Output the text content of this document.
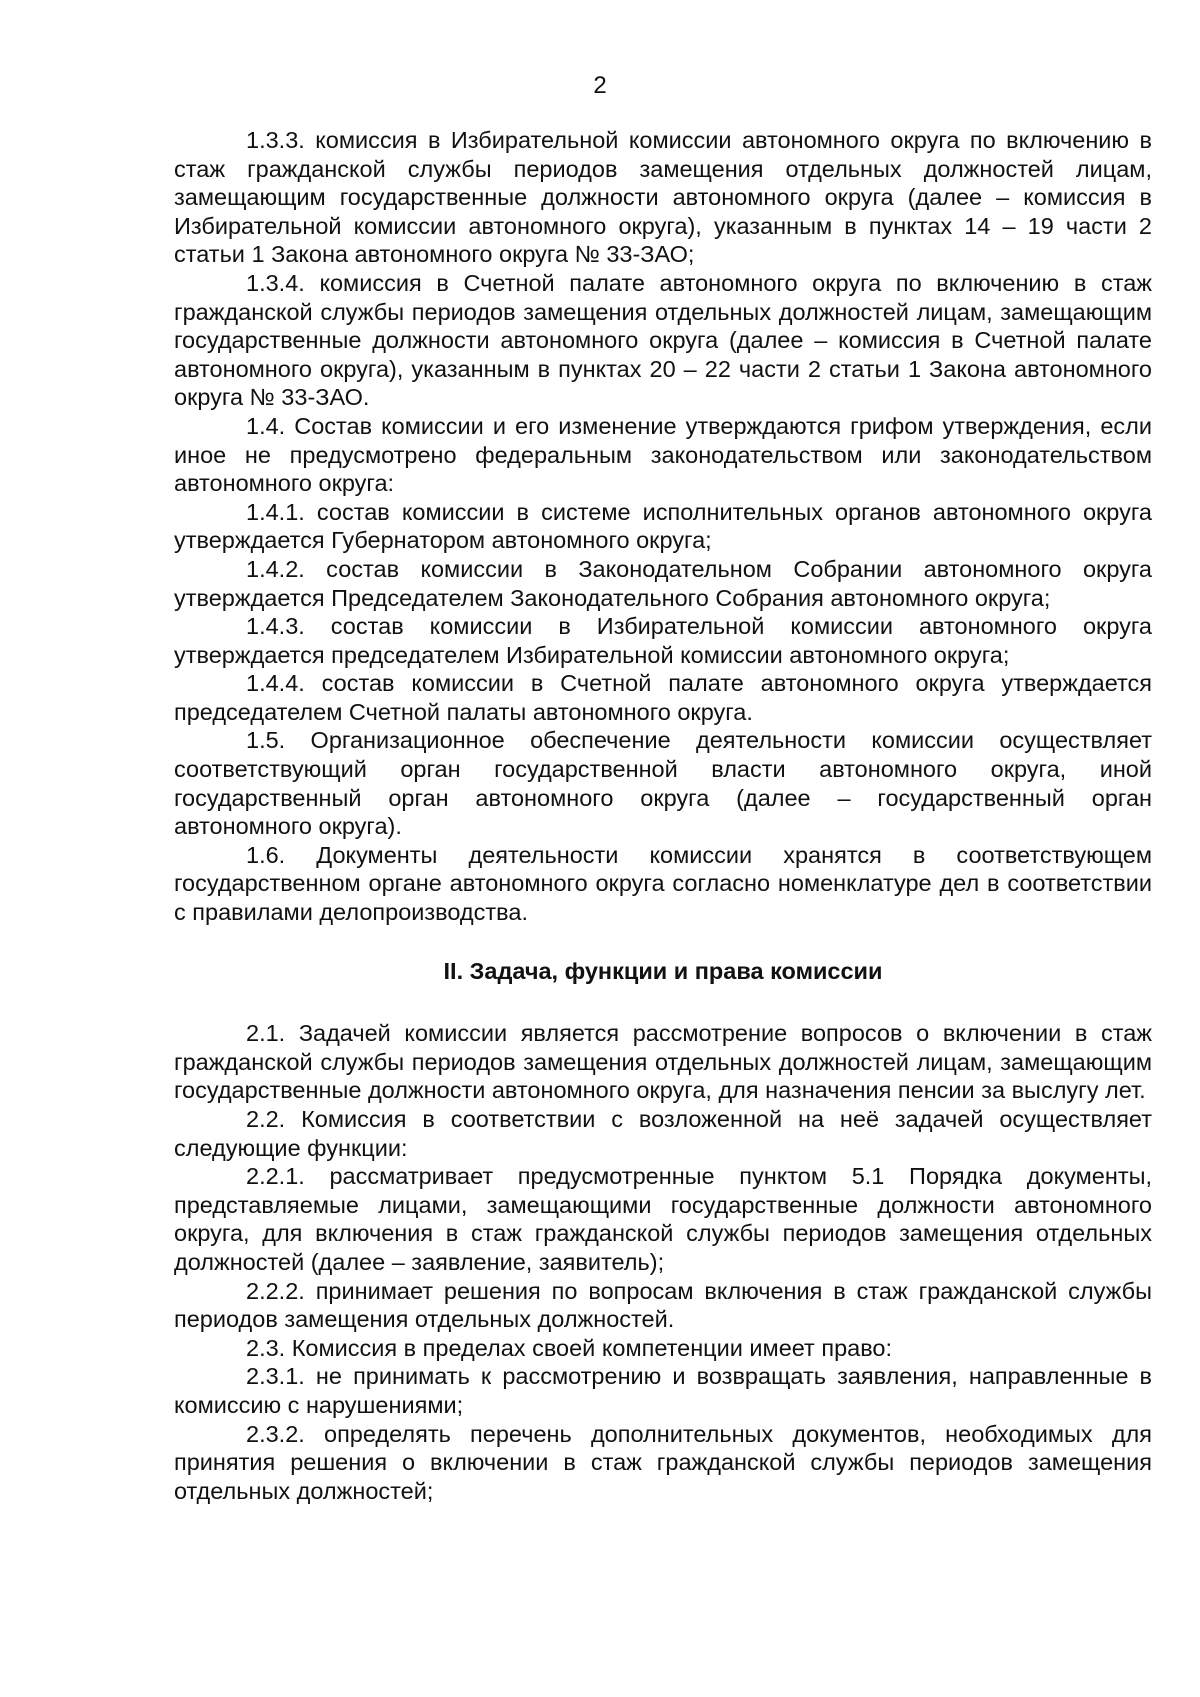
2

1.3.3. комиссия в Избирательной комиссии автономного округа по включению в стаж гражданской службы периодов замещения отдельных должностей лицам, замещающим государственные должности автономного округа (далее – комиссия в Избирательной комиссии автономного округа), указанным в пунктах 14 – 19 части 2 статьи 1 Закона автономного округа № 33-ЗАО;

1.3.4. комиссия в Счетной палате автономного округа по включению в стаж гражданской службы периодов замещения отдельных должностей лицам, замещающим государственные должности автономного округа (далее – комиссия в Счетной палате автономного округа), указанным в пунктах 20 – 22 части 2 статьи 1 Закона автономного округа № 33-ЗАО.

1.4. Состав комиссии и его изменение утверждаются грифом утверждения, если иное не предусмотрено федеральным законодательством или законодательством автономного округа:

1.4.1. состав комиссии в системе исполнительных органов автономного округа утверждается Губернатором автономного округа;

1.4.2. состав комиссии в Законодательном Собрании автономного округа утверждается Председателем Законодательного Собрания автономного округа;

1.4.3. состав комиссии в Избирательной комиссии автономного округа утверждается председателем Избирательной комиссии автономного округа;

1.4.4. состав комиссии в Счетной палате автономного округа утверждается председателем Счетной палаты автономного округа.

1.5. Организационное обеспечение деятельности комиссии осуществляет соответствующий орган государственной власти автономного округа, иной государственный орган автономного округа (далее – государственный орган автономного округа).

1.6. Документы деятельности комиссии хранятся в соответствующем государственном органе автономного округа согласно номенклатуре дел в соответствии с правилами делопроизводства.

II. Задача, функции и права комиссии

2.1. Задачей комиссии является рассмотрение вопросов о включении в стаж гражданской службы периодов замещения отдельных должностей лицам, замещающим государственные должности автономного округа, для назначения пенсии за выслугу лет.

2.2. Комиссия в соответствии с возложенной на неё задачей осуществляет следующие функции:

2.2.1. рассматривает предусмотренные пунктом 5.1 Порядка документы, представляемые лицами, замещающими государственные должности автономного округа, для включения в стаж гражданской службы периодов замещения отдельных должностей (далее – заявление, заявитель);

2.2.2. принимает решения по вопросам включения в стаж гражданской службы периодов замещения отдельных должностей.

2.3. Комиссия в пределах своей компетенции имеет право:

2.3.1. не принимать к рассмотрению и возвращать заявления, направленные в комиссию с нарушениями;

2.3.2. определять перечень дополнительных документов, необходимых для принятия решения о включении в стаж гражданской службы периодов замещения отдельных должностей;
